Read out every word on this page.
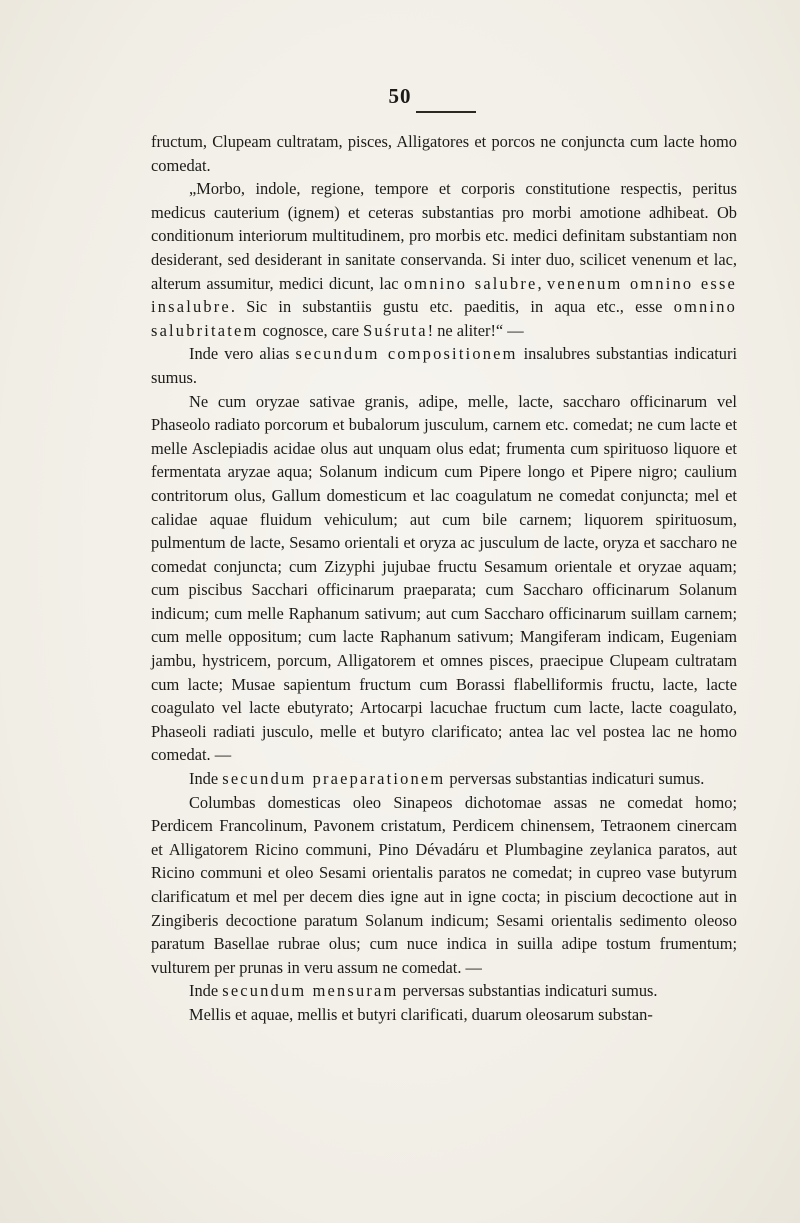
50

fructum, Clupeam cultratam, pisces, Alligatores et porcos ne conjuncta cum lacte homo comedat.

„Morbo, indole, regione, tempore et corporis constitutione respectis, peritus medicus cauterium (ignem) et ceteras substantias pro morbi amotione adhibeat. Ob conditionum interiorum multitudinem, pro morbis etc. medici definitam substantiam non desiderant, sed desiderant in sanitate conservanda. Si inter duo, scilicet venenum et lac, alterum assumitur, medici dicunt, lac omnino salubre, venenum omnino esse insalubre. Sic in substantiis gustu etc. paeditis, in aqua etc., esse omnino salubritatem cognosce, care Suśruta! ne aliter!“ —

Inde vero alias secundum compositionem insalubres substantias indicaturi sumus.

Ne cum oryzae sativae granis, adipe, melle, lacte, saccharo officinarum vel Phaseolo radiato porcorum et bubalorum jusculum, carnem etc. comedat; ne cum lacte et melle Asclepiadis acidae olus aut unquam olus edat; frumenta cum spirituoso liquore et fermentata aryzae aqua; Solanum indicum cum Pipere longo et Pipere nigro; caulium contritorum olus, Gallum domesticum et lac coagulatum ne comedat conjuncta; mel et calidae aquae fluidum vehiculum; aut cum bile carnem; liquorem spirituosum, pulmentum de lacte, Sesamo orientali et oryza ac jusculum de lacte, oryza et saccharo ne comedat conjuncta; cum Zizyphi jujubae fructu Sesamum orientale et oryzae aquam; cum piscibus Sacchari officinarum praeparata; cum Saccharo officinarum Solanum indicum; cum melle Raphanum sativum; aut cum Saccharo officinarum suillam carnem; cum melle oppositum; cum lacte Raphanum sativum; Mangiferam indicam, Eugeniam jambu, hystricem, porcum, Alligatorem et omnes pisces, praecipue Clupeam cultratam cum lacte; Musae sapientum fructum cum Borassi flabelliformis fructu, lacte, lacte coagulato vel lacte ebutyrato; Artocarpi lacuchae fructum cum lacte, lacte coagulato, Phaseoli radiati jusculo, melle et butyro clarificato; antea lac vel postea lac ne homo comedat. —

Inde secundum praeparationem perversas substantias indicaturi sumus.

Columbas domesticas oleo Sinapeos dichotomae assas ne comedat homo; Perdicem Francolinum, Pavonem cristatum, Perdicem chinensem, Tetraonem cinercam et Alligatorem Ricino communi, Pino Dévadáru et Plumbagine zeylanica paratos, aut Ricino communi et oleo Sesami orientalis paratos ne comedat; in cupreo vase butyrum clarificatum et mel per decem dies igne aut in igne cocta; in piscium decoctione aut in Zingiberis decoctione paratum Solanum indicum; Sesami orientalis sedimento oleoso paratum Basellae rubrae olus; cum nuce indica in suilla adipe tostum frumentum; vulturem per prunas in veru assum ne comedat. —

Inde secundum mensuram perversas substantias indicaturi sumus.

Mellis et aquae, mellis et butyri clarificati, duarum oleosarum substan-
